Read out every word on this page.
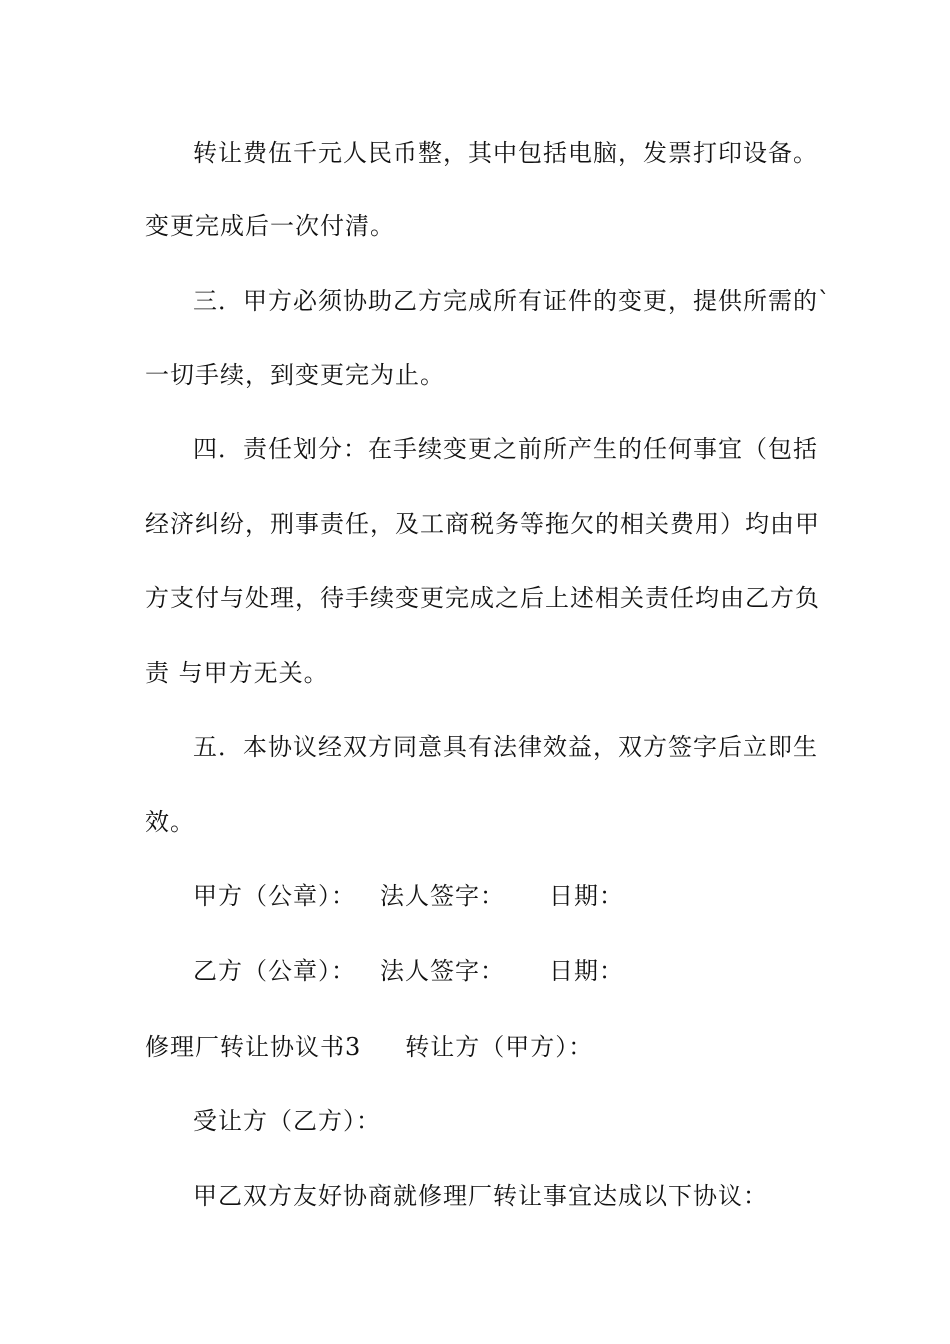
转让费伍千元人民币整，其中包括电脑，发票打印设备。
变更完成后一次付清。
三．甲方必须协助乙方完成所有证件的变更，提供所需的`
一切手续，到变更完为止。
四．责任划分：在手续变更之前所产生的任何事宜（包括
经济纠纷，刑事责任，及工商税务等拖欠的相关费用）均由甲
方支付与处理，待手续变更完成之后上述相关责任均由乙方负
责 与甲方无关。
五．本协议经双方同意具有法律效益，双方签字后立即生
效。
甲方（公章）： 法人签字： 日期：
乙方（公章）： 法人签字： 日期：
修理厂转让协议书3 转让方（甲方）：
受让方（乙方）：
甲乙双方友好协商就修理厂转让事宜达成以下协议：
